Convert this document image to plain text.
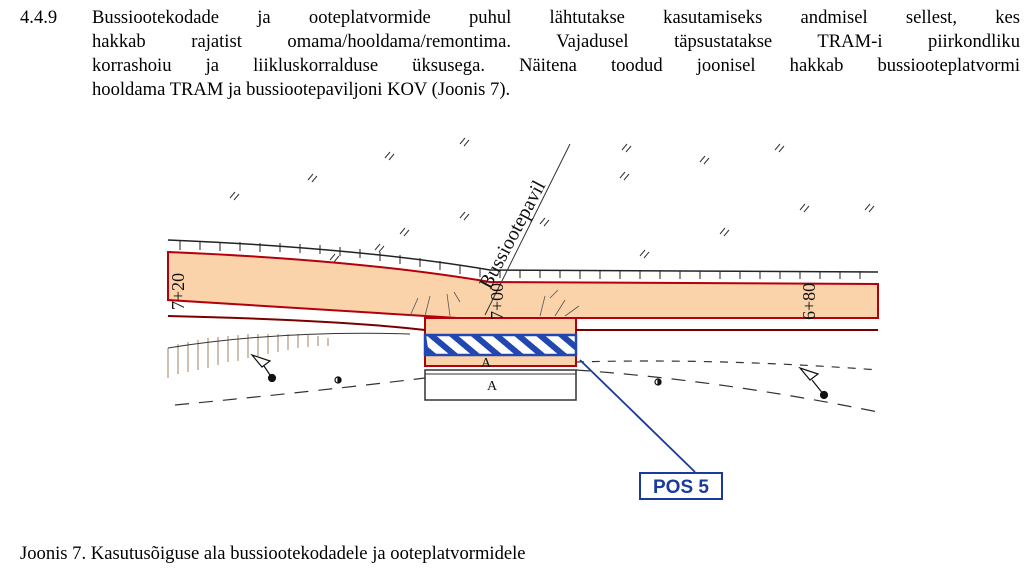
4.4.9 Bussiootekodade ja ooteplatvormide puhul lähtutakse kasutamiseks andmisel sellest, kes
hakkab rajatist omama/hooldama/remontima. Vajadusel täpsustatakse TRAM-i piirkondliku
korrashoiu ja liikluskorralduse üksusega. Näitena toodud joonisel hakkab bussiooteplatvormi
hooldama TRAM ja bussiootepaviljoni KOV (Joonis 7).
Bussiootepavil
7+20	7+00	6+80
A
A
POS 5
Joonis 7. Kasutusõiguse ala bussiootekodadele ja ooteplatvormidele
